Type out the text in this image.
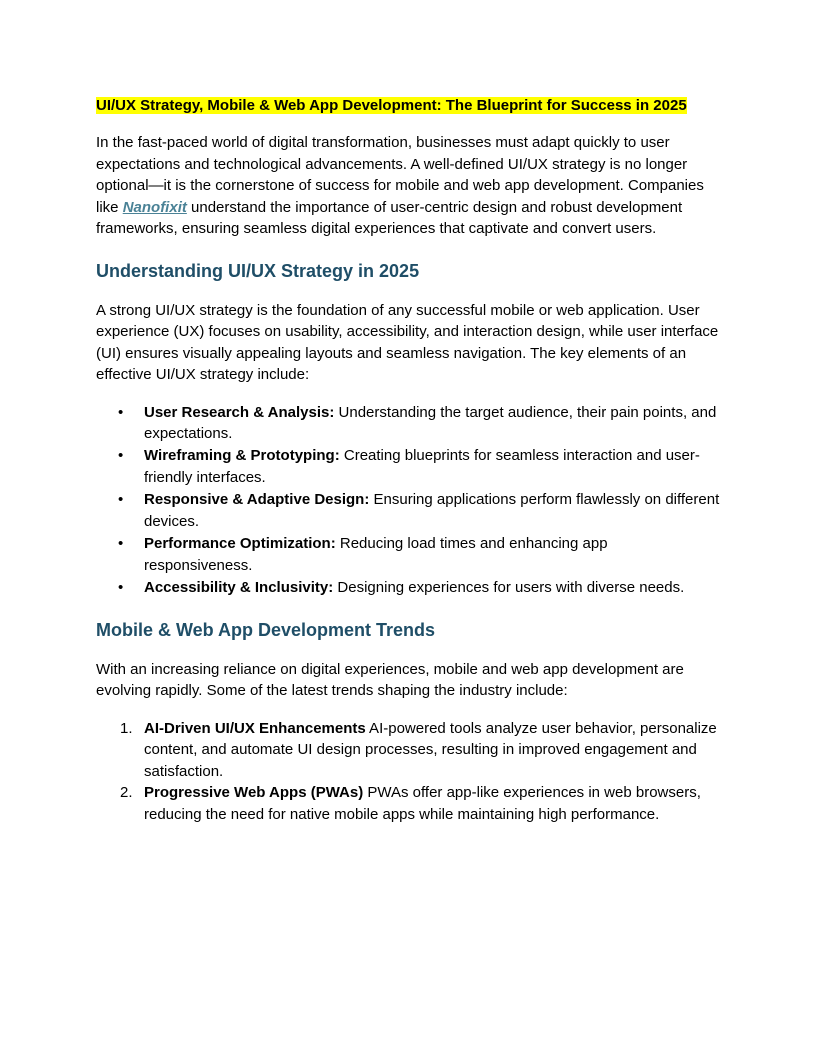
UI/UX Strategy, Mobile & Web App Development: The Blueprint for Success in 2025

In the fast-paced world of digital transformation, businesses must adapt quickly to user expectations and technological advancements. A well-defined UI/UX strategy is no longer optional—it is the cornerstone of success for mobile and web app development. Companies like Nanofixit understand the importance of user-centric design and robust development frameworks, ensuring seamless digital experiences that captivate and convert users.

Understanding UI/UX Strategy in 2025

A strong UI/UX strategy is the foundation of any successful mobile or web application. User experience (UX) focuses on usability, accessibility, and interaction design, while user interface (UI) ensures visually appealing layouts and seamless navigation. The key elements of an effective UI/UX strategy include:

• User Research & Analysis: Understanding the target audience, their pain points, and expectations.
• Wireframing & Prototyping: Creating blueprints for seamless interaction and user-friendly interfaces.
• Responsive & Adaptive Design: Ensuring applications perform flawlessly on different devices.
• Performance Optimization: Reducing load times and enhancing app responsiveness.
• Accessibility & Inclusivity: Designing experiences for users with diverse needs.
Mobile & Web App Development Trends

With an increasing reliance on digital experiences, mobile and web app development are evolving rapidly. Some of the latest trends shaping the industry include:

1. AI-Driven UI/UX Enhancements AI-powered tools analyze user behavior, personalize content, and automate UI design processes, resulting in improved engagement and satisfaction.
2. Progressive Web Apps (PWAs) PWAs offer app-like experiences in web browsers, reducing the need for native mobile apps while maintaining high performance.
